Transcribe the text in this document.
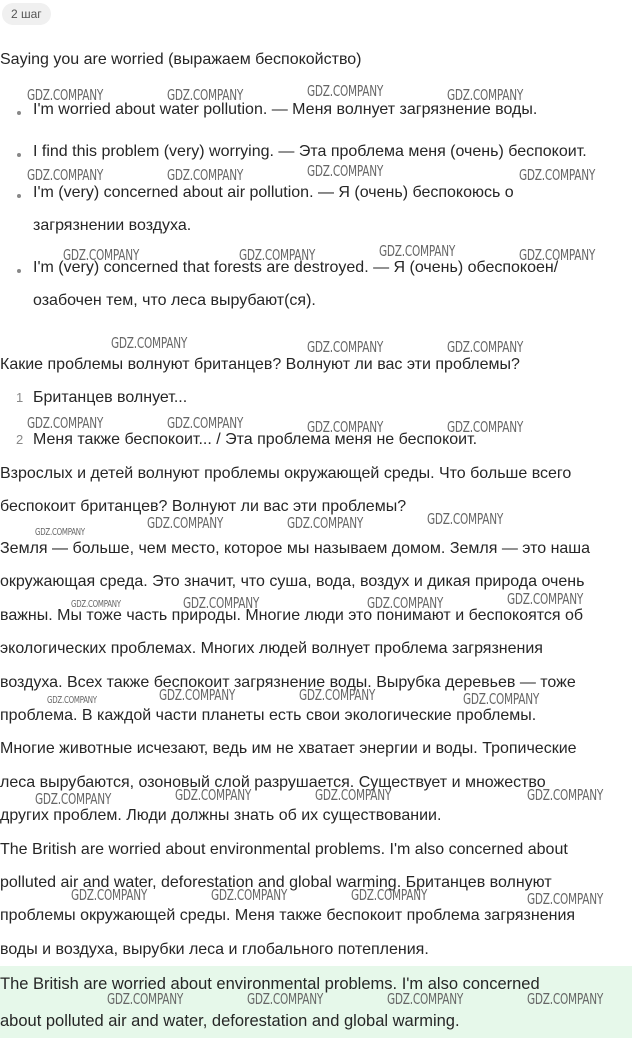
2 шаг
Saying you are worried (выражаем беспокойство)
I'm worried about water pollution. — Меня волнует загрязнение воды.
I find this problem (very) worrying. — Эта проблема меня (очень) беспокоит.
I'm (very) concerned about air pollution. — Я (очень) беспокоюсь о
загрязнении воздуха.
I'm (very) concerned that forests are destroyed. — Я (очень) обеспокоен/
озабочен тем, что леса вырубают(ся).
Какие проблемы волнуют британцев? Волнуют ли вас эти проблемы?
1 Британцев волнует...
2 Меня также беспокоит... / Эта проблема меня не беспокоит.
Взрослых и детей волнуют проблемы окружающей среды. Что больше всего
беспокоит британцев? Волнуют ли вас эти проблемы?
Земля — больше, чем место, которое мы называем домом. Земля — это наша
окружающая среда. Это значит, что суша, вода, воздух и дикая природа очень
важны. Мы тоже часть природы. Многие люди это понимают и беспокоятся об
экологических проблемах. Многих людей волнует проблема загрязнения
воздуха. Всех также беспокоит загрязнение воды. Вырубка деревьев — тоже
проблема. В каждой части планеты есть свои экологические проблемы.
Многие животные исчезают, ведь им не хватает энергии и воды. Тропические
леса вырубаются, озоновый слой разрушается. Существует и множество
других проблем. Люди должны знать об их существовании.
The British are worried about environmental problems. I'm also concerned about
polluted air and water, deforestation and global warming. Британцев волнуют
проблемы окружающей среды. Меня также беспокоит проблема загрязнения
воды и воздуха, вырубки леса и глобального потепления.
The British are worried about environmental problems. I'm also concerned
about polluted air and water, deforestation and global warming.
GDZ.COMPANY	GDZ.COMPANY	GDZ.COMPANY	GDZ.COMPANY
GDZ.COMPANY	GDZ.COMPANY	GDZ.COMPANY	GDZ.COMPANY
GDZ.COMPANY	GDZ.COMPANY	GDZ.COMPANY	GDZ.COMPANY
GDZ.COMPANY	GDZ.COMPANY	GDZ.COMPANY
GDZ.COMPANY	GDZ.COMPANY	GDZ.COMPANY	GDZ.COMPANY
GDZ.COMPANY
GDZ.COMPANY	GDZ.COMPANY	GDZ.COMPANY
GDZ.COMPANY	GDZ.COMPANY	GDZ.COMPANY	GDZ.COMPANY
GDZ.COMPANY	GDZ.COMPANY	GDZ.COMPANY	GDZ.COMPANY
GDZ.COMPANY	GDZ.COMPANY	GDZ.COMPANY	GDZ.COMPANY
GDZ.COMPANY	GDZ.COMPANY	GDZ.COMPANY	GDZ.COMPANY
GDZ.COMPANY	GDZ.COMPANY	GDZ.COMPANY	GDZ.COMPANY
